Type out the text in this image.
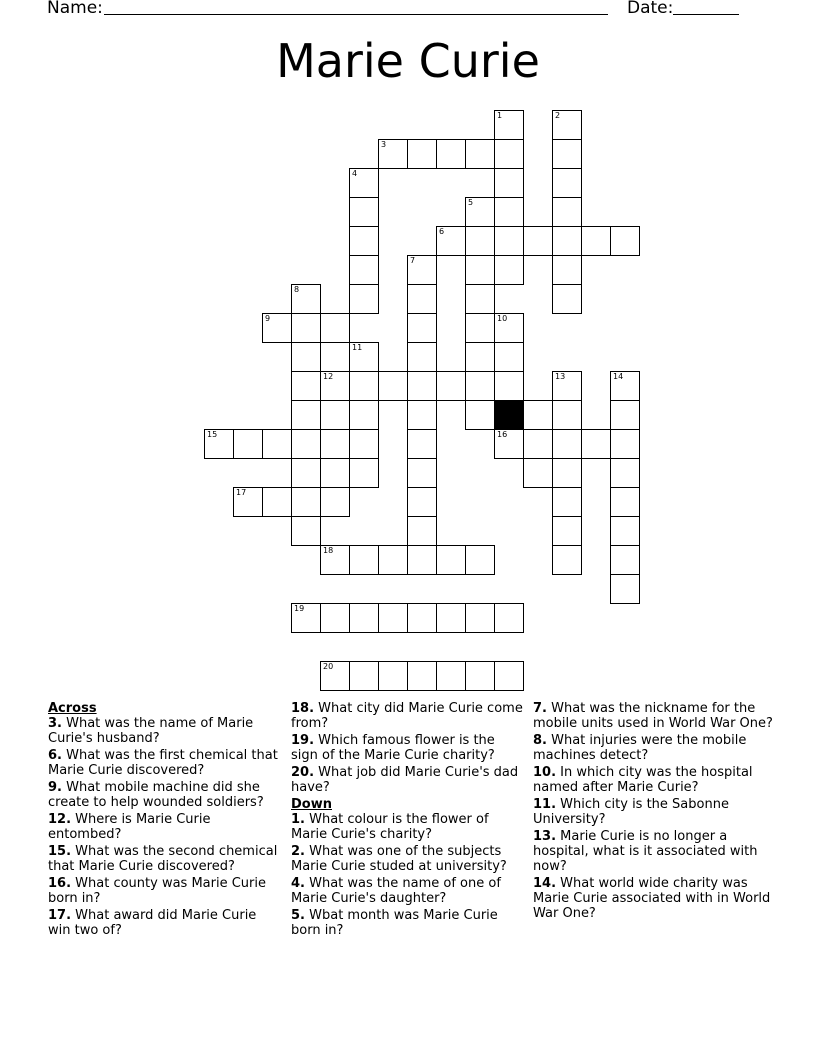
Name:	Date:
Marie Curie
1	2
3
4
5
6
7
8
9	10
11
12	13	14
15	16
17
18
19
20

Across

3. What was the name of Marie Curie's husband?

6. What was the first chemical that Marie Curie discovered?

9. What mobile machine did she create to help wounded soldiers?

12. Where is Marie Curie entombed?

15. What was the second chemical that Marie Curie discovered?

16. What county was Marie Curie born in?

17. What award did Marie Curie win two of?

18. What city did Marie Curie come from?

19. Which famous flower is the sign of the Marie Curie charity?

20. What job did Marie Curie's dad have?

Down

1. What colour is the flower of Marie Curie's charity?

2. What was one of the subjects Marie Curie studed at university?

4. What was the name of one of Marie Curie's daughter?

5. Wbat month was Marie Curie born in?

7. What was the nickname for the mobile units used in World War One?

8. What injuries were the mobile machines detect?

10. In which city was the hospital named after Marie Curie?

11. Which city is the Sabonne University?

13. Marie Curie is no longer a hospital, what is it associated with now?

14. What world wide charity was Marie Curie associated with in World War One?
